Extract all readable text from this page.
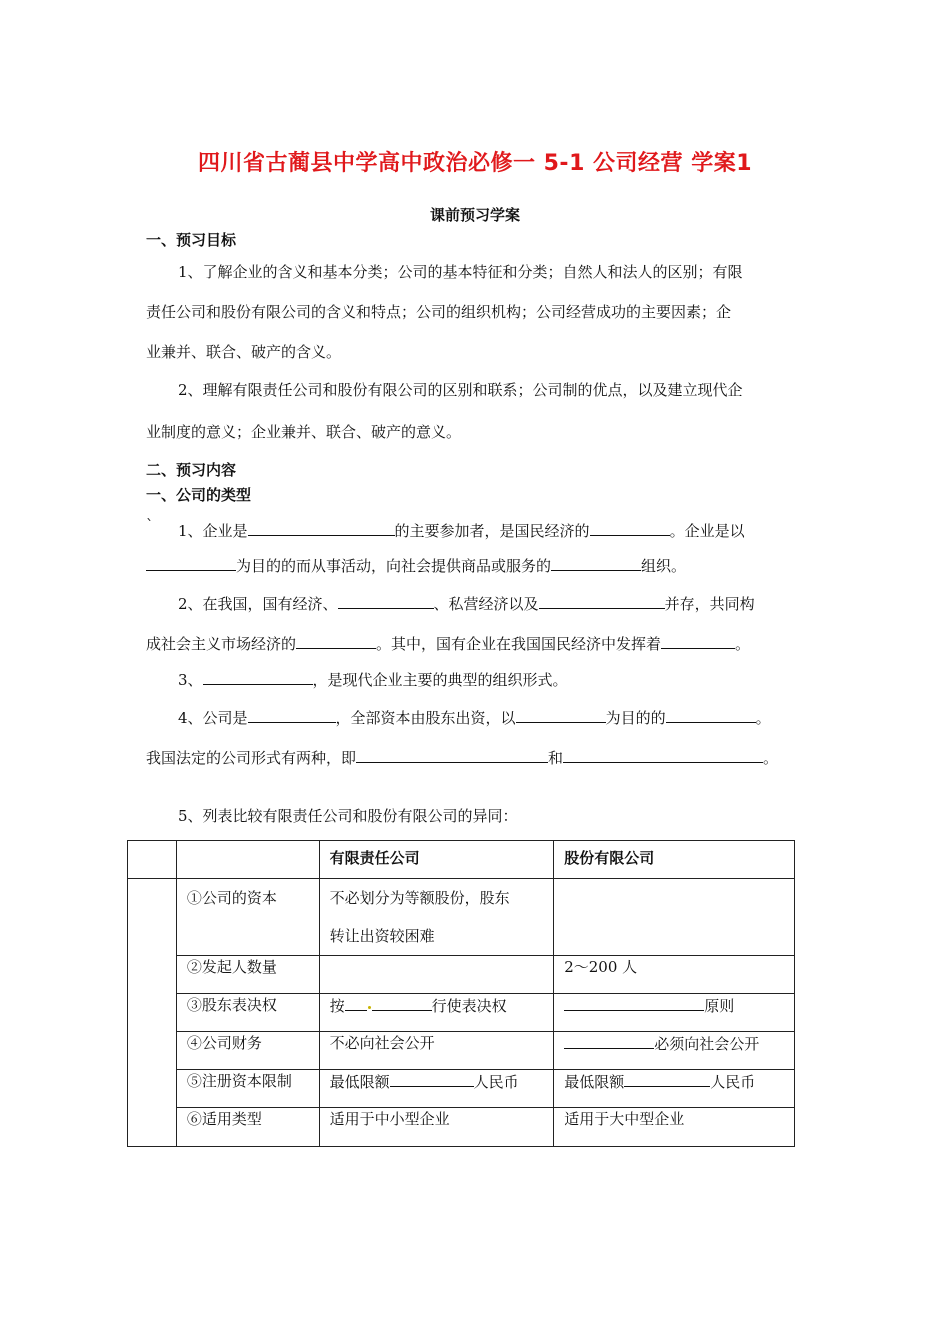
四川省古蔺县中学高中政治必修一 5-1 公司经营 学案1
课前预习学案
一、预习目标
1、了解企业的含义和基本分类；公司的基本特征和分类；自然人和法人的区别；有限
责任公司和股份有限公司的含义和特点；公司的组织机构；公司经营成功的主要因素；企
业兼并、联合、破产的含义。
2、理解有限责任公司和股份有限公司的区别和联系；公司制的优点，以及建立现代企
业制度的意义；企业兼并、联合、破产的意义。
二、预习内容
一、公司的类型
` 1、企业是	的主要参加者，是国民经济的	。企业是以
为目的的而从事活动，向社会提供商品或服务的	组织。
2、在我国，国有经济、	、私营经济以及	并存，共同构
成社会主义市场经济的	。其中，国有企业在我国国民经济中发挥着	。
3、	，是现代企业主要的典型的组织形式。
4、公司是	，全部资本由股东出资，以	为目的的	。
我国法定的公司形式有两种，即	和	。
5、列表比较有限责任公司和股份有限公司的异同：
		有限责任公司	股份有限公司
	①公司的资本	不必划分为等额股份，股东
转让出资较困难	

	②发起人数量		2～200 人
	③股东表决权	按 行使表决权	原则
	④公司财务	不必向社会公开	必须向社会公开
	⑤注册资本限制	最低限额 人民币	最低限额 人民币
	⑥适用类型	适用于中小型企业	适用于大中型企业
